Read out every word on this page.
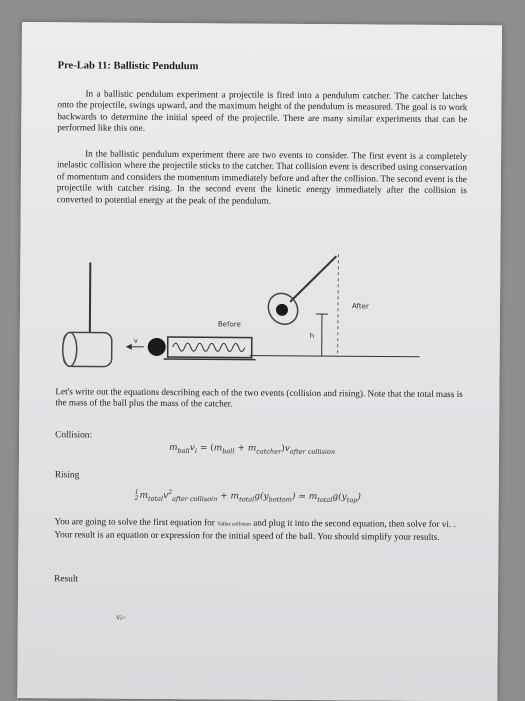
Pre-Lab 11: Ballistic Pendulum
In a ballistic pendulum experiment a projectile is fired into a pendulum catcher. The catcher latches onto the projectile, swings upward, and the maximum height of the pendulum is measured. The goal is to work backwards to determine the initial speed of the projectile. There are many similar experiments that can be performed like this one.
In the ballistic pendulum experiment there are two events to consider. The first event is a completely inelastic collision where the projectile sticks to the catcher. That collision event is described using conservation of momentum and considers the momentum immediately before and after the collision. The second event is the projectile with catcher rising. In the second event the kinetic energy immediately after the collision is converted to potential energy at the peak of the pendulum.
v
Before
h
After
Let's write out the equations describing each of the two events (collision and rising). Note that the total mass is the mass of the ball plus the mass of the catcher.
Collision:
$m_{ball}v_i = (m_{ball} + m_{catcher})v_{after collision}$
Rising
1
$2m_{total}v^2_{after collisoin} + m_{total}g(y_{bottom}) = m_{total}g(y_{top})$
You are going to solve the first equation for Vafter collision and plug it into the second equation, then solve for vi. . Your result is an equation or expression for the initial speed of the ball. You should simplify your results.
Result
Vi=
